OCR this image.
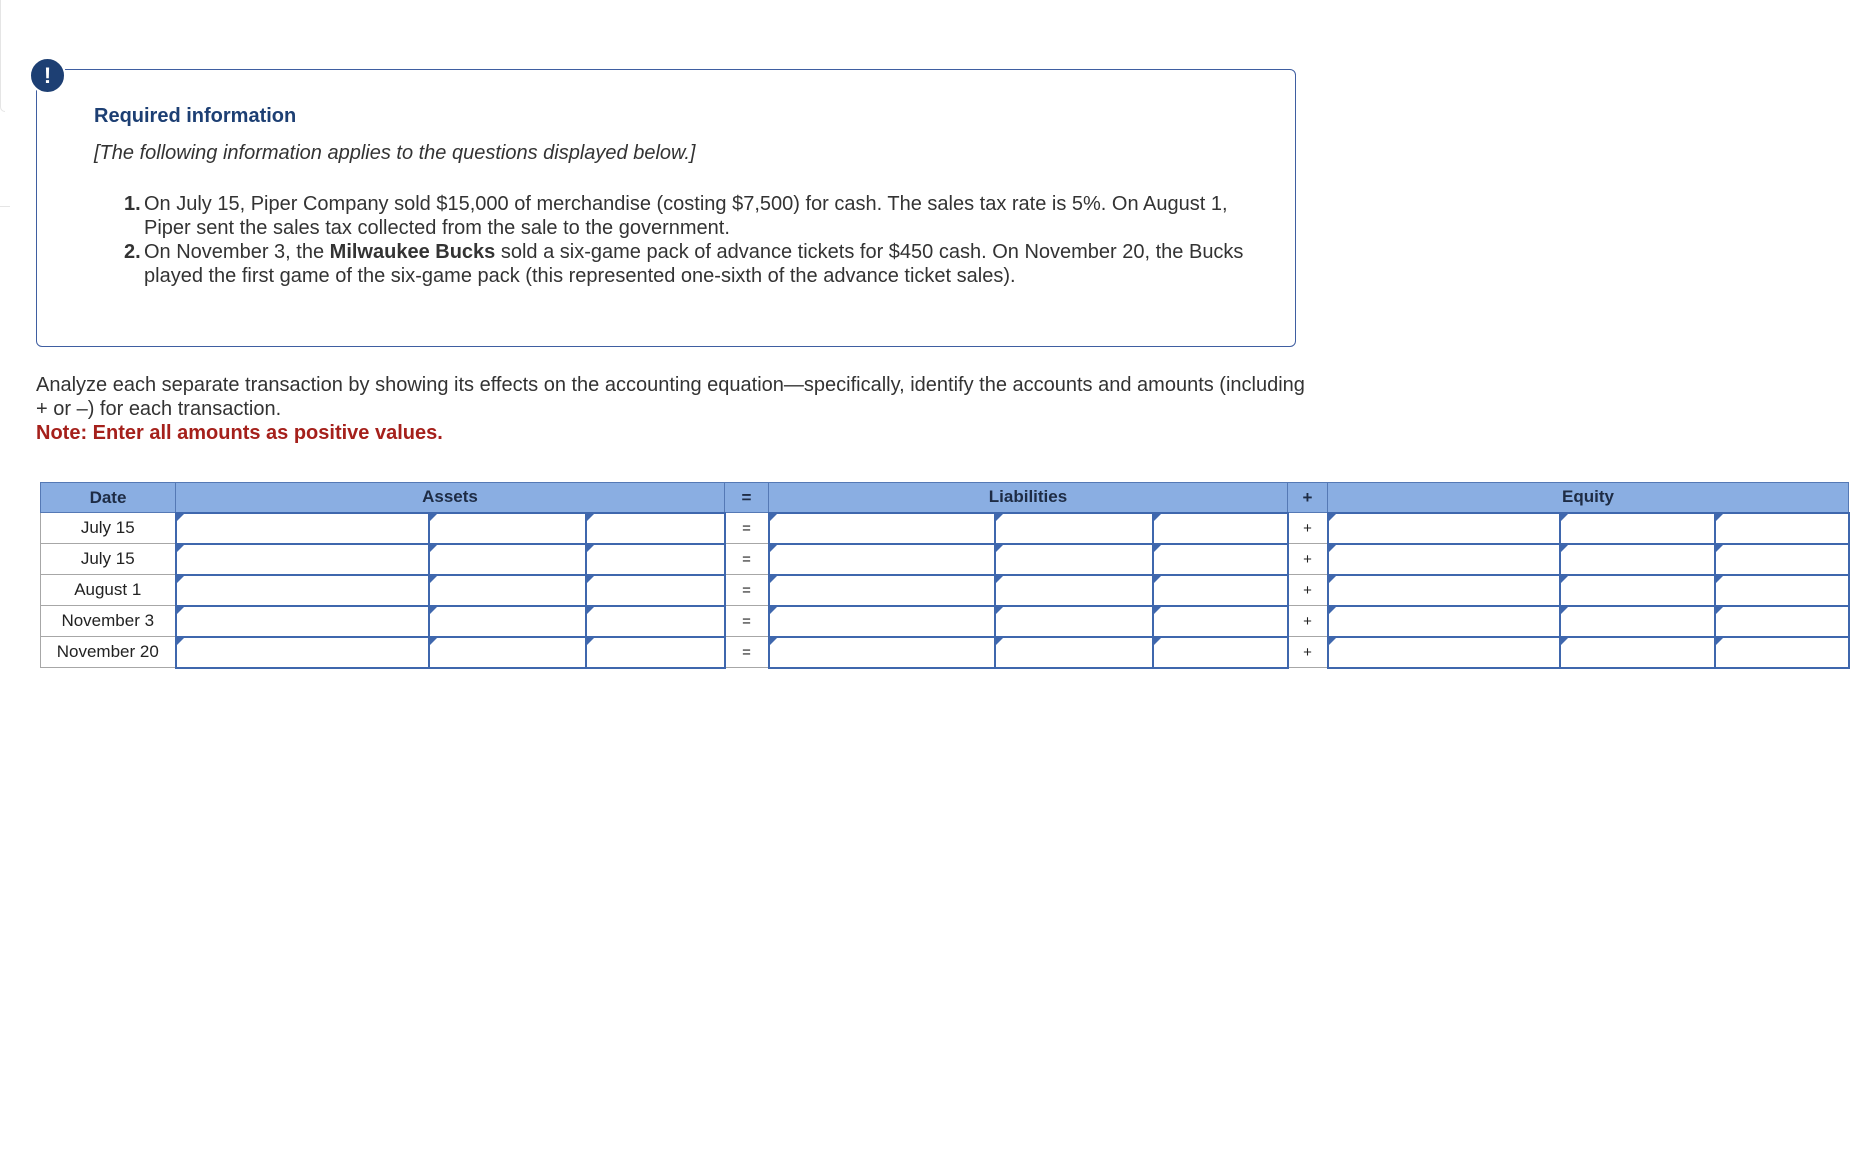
!
Required information
[The following information applies to the questions displayed below.]
1. On July 15, Piper Company sold $15,000 of merchandise (costing $7,500) for cash. The sales tax rate is 5%. On August 1, Piper sent the sales tax collected from the sale to the government.
2. On November 3, the Milwaukee Bucks sold a six-game pack of advance tickets for $450 cash. On November 20, the Bucks played the first game of the six-game pack (this represented one-sixth of the advance ticket sales).
Analyze each separate transaction by showing its effects on the accounting equation—specifically, identify the accounts and amounts (including + or –) for each transaction.
Note: Enter all amounts as positive values.
Date	Assets			=	Liabilities			+	Equity		
July 15				=				+			
July 15				=				+			
August 1				=				+			
November 3				=				+			
November 20				=				+			
